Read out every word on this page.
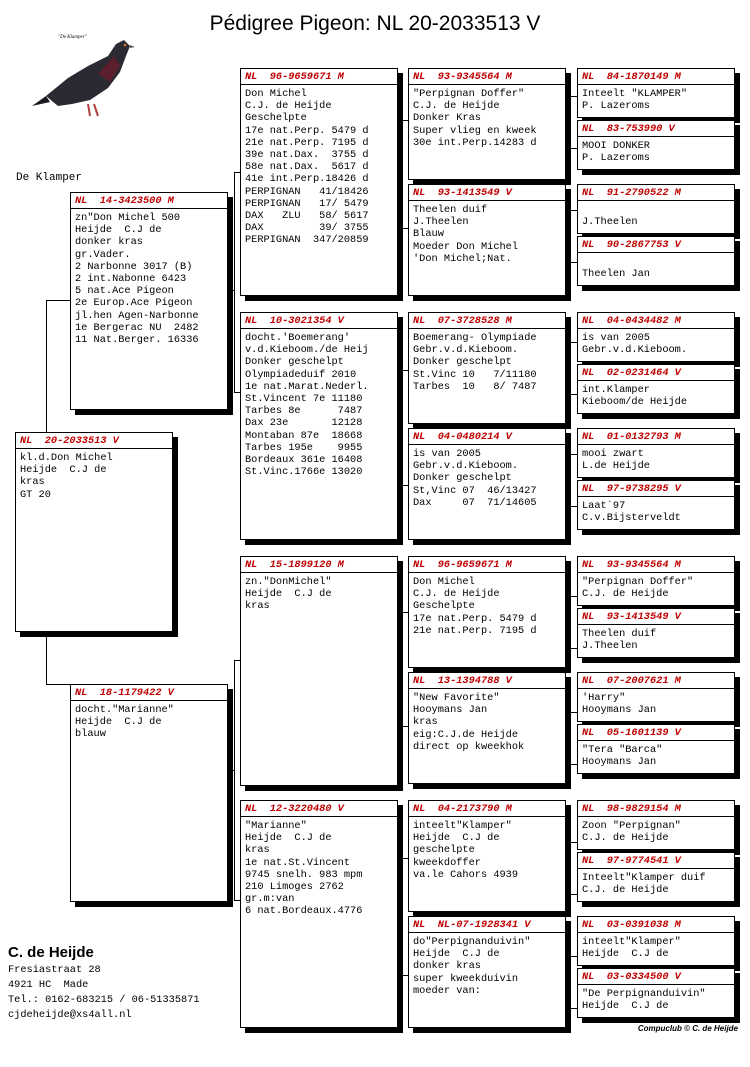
Pédigree Pigeon: NL 20-2033513 V
"De Klamper"
De Klamper
NL  20-2033513 V
kl.d.Don Michel
Heijde  C.J de
kras
GT 20
NL  14-3423500 M
zn"Don Michel 500
Heijde  C.J de
donker kras
gr.Vader.
2 Narbonne 3017 (B)
2 int.Nabonne 6423
5 nat.Ace Pigeon
2e Europ.Ace Pigeon
jl.hen Agen-Narbonne
1e Bergerac NU  2482
11 Nat.Berger. 16336
NL  18-1179422 V
docht."Marianne"
Heijde  C.J de
blauw
NL  96-9659671 M
Don Michel
C.J. de Heijde
Geschelpte
17e nat.Perp. 5479 d
21e nat.Perp. 7195 d
39e nat.Dax.  3755 d
58e nat.Dax.  5617 d
41e int.Perp.18426 d
PERPIGNAN   41/18426
PERPIGNAN   17/ 5479
DAX   ZLU   58/ 5617
DAX         39/ 3755
PERPIGNAN  347/20859
NL  10-3021354 V
docht.'Boemerang'
v.d.Kieboom./de Heij
Donker geschelpt
Olympiadeduif 2010
1e nat.Marat.Nederl.
St.Vincent 7e 11180
Tarbes 8e      7487
Dax 23e       12128
Montaban 87e  18668
Tarbes 195e    9955
Bordeaux 361e 16408
St.Vinc.1766e 13020
NL  15-1899120 M
zn."DonMichel"
Heijde  C.J de
kras
NL  12-3220480 V
"Marianne"
Heijde  C.J de
kras
1e nat.St.Vincent
9745 snelh. 983 mpm
210 Limoges 2762
gr.m:van
6 nat.Bordeaux.4776
NL  93-9345564 M
"Perpignan Doffer"
C.J. de Heijde
Donker Kras
Super vlieg en kweek
30e int.Perp.14283 d
NL  93-1413549 V
Theelen duif
J.Theelen
Blauw
Moeder Don Michel
'Don Michel;Nat.
NL  07-3728528 M
Boemerang- Olympiade
Gebr.v.d.Kieboom.
Donker geschelpt
St.Vinc 10   7/11180
Tarbes  10   8/ 7487
NL  04-0480214 V
is van 2005
Gebr.v.d.Kieboom.
Donker geschelpt
St,Vinc 07  46/13427
Dax     07  71/14605
NL  96-9659671 M
Don Michel
C.J. de Heijde
Geschelpte
17e nat.Perp. 5479 d
21e nat.Perp. 7195 d
NL  13-1394788 V
"New Favorite"
Hooymans Jan
kras
eig:C.J.de Heijde
direct op kweekhok
NL  04-2173790 M
inteelt"Klamper"
Heijde  C.J de
geschelpte
kweekdoffer
va.le Cahors 4939
NL  NL-07-1928341 V
do"Perpignanduivin"
Heijde  C.J de
donker kras
super kweekduivin
moeder van:
NL  84-1870149 M
Inteelt "KLAMPER"
P. Lazeroms
NL  83-753990 V
MOOI DONKER
P. Lazeroms
NL  91-2790522 M

J.Theelen
NL  90-2867753 V

Theelen Jan
NL  04-0434482 M
is van 2005
Gebr.v.d.Kieboom.
NL  02-0231464 V
int.Klamper
Kieboom/de Heijde
NL  01-0132793 M
mooi zwart
L.de Heijde
NL  97-9738295 V
Laat`97
C.v.Bijsterveldt
NL  93-9345564 M
"Perpignan Doffer"
C.J. de Heijde
NL  93-1413549 V
Theelen duif
J.Theelen
NL  07-2007621 M
'Harry"
Hooymans Jan
NL  05-1601139 V
"Tera "Barca"
Hooymans Jan
NL  98-9829154 M
Zoon "Perpignan"
C.J. de Heijde
NL  97-9774541 V
Inteelt"Klamper duif
C.J. de Heijde
NL  03-0391038 M
inteelt"Klamper"
Heijde  C.J de
NL  03-0334500 V
"De Perpignanduivin"
Heijde  C.J de
C. de Heijde
Fresiastraat 28
4921 HC  Made
Tel.: 0162-683215 / 06-51335871
cjdeheijde@xs4all.nl
Compuclub © C. de Heijde
